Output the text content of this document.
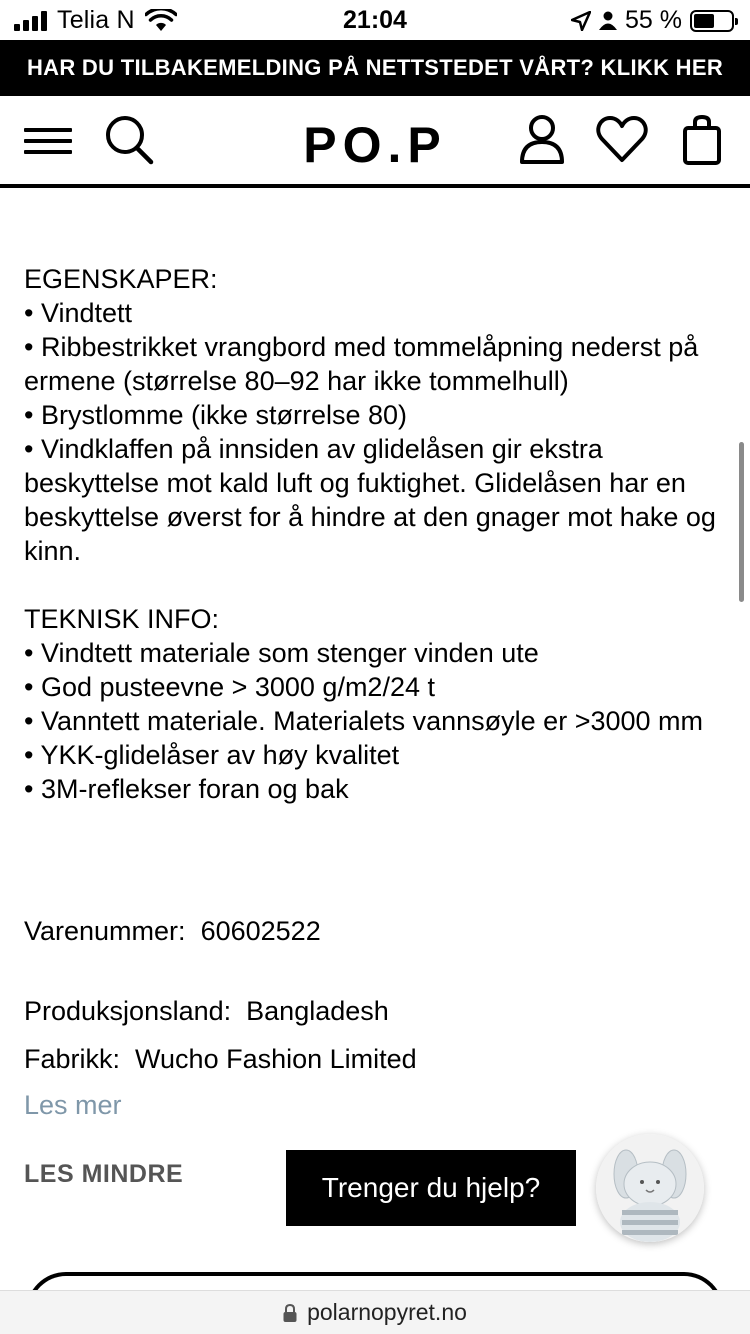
Telia N	21:04	55 %
HAR DU TILBAKEMELDING PÅ NETTSTEDET VÅRT? KLIKK HER
PO.P

EGENSKAPER:

• Vindtett

• Ribbestrikket vrangbord med tommelåpning nederst på ermene (størrelse 80–92 har ikke tommelhull)

• Brystlomme (ikke størrelse 80)

• Vindklaffen på innsiden av glidelåsen gir ekstra beskyttelse mot kald luft og fuktighet. Glidelåsen har en beskyttelse øverst for å hindre at den gnager mot hake og kinn.

TEKNISK INFO:

• Vindtett materiale som stenger vinden ute

• God pusteevne > 3000 g/m2/24 t

• Vanntett materiale. Materialets vannsøyle er >3000 mm

• YKK-glidelåser av høy kvalitet

• 3M-reflekser foran og bak

Varenummer: 60602522
Produksjonsland: Bangladesh
Fabrikk: Wucho Fashion Limited
Les mer
LES MINDRE	Trenger du hjelp?
polarnopyret.no
